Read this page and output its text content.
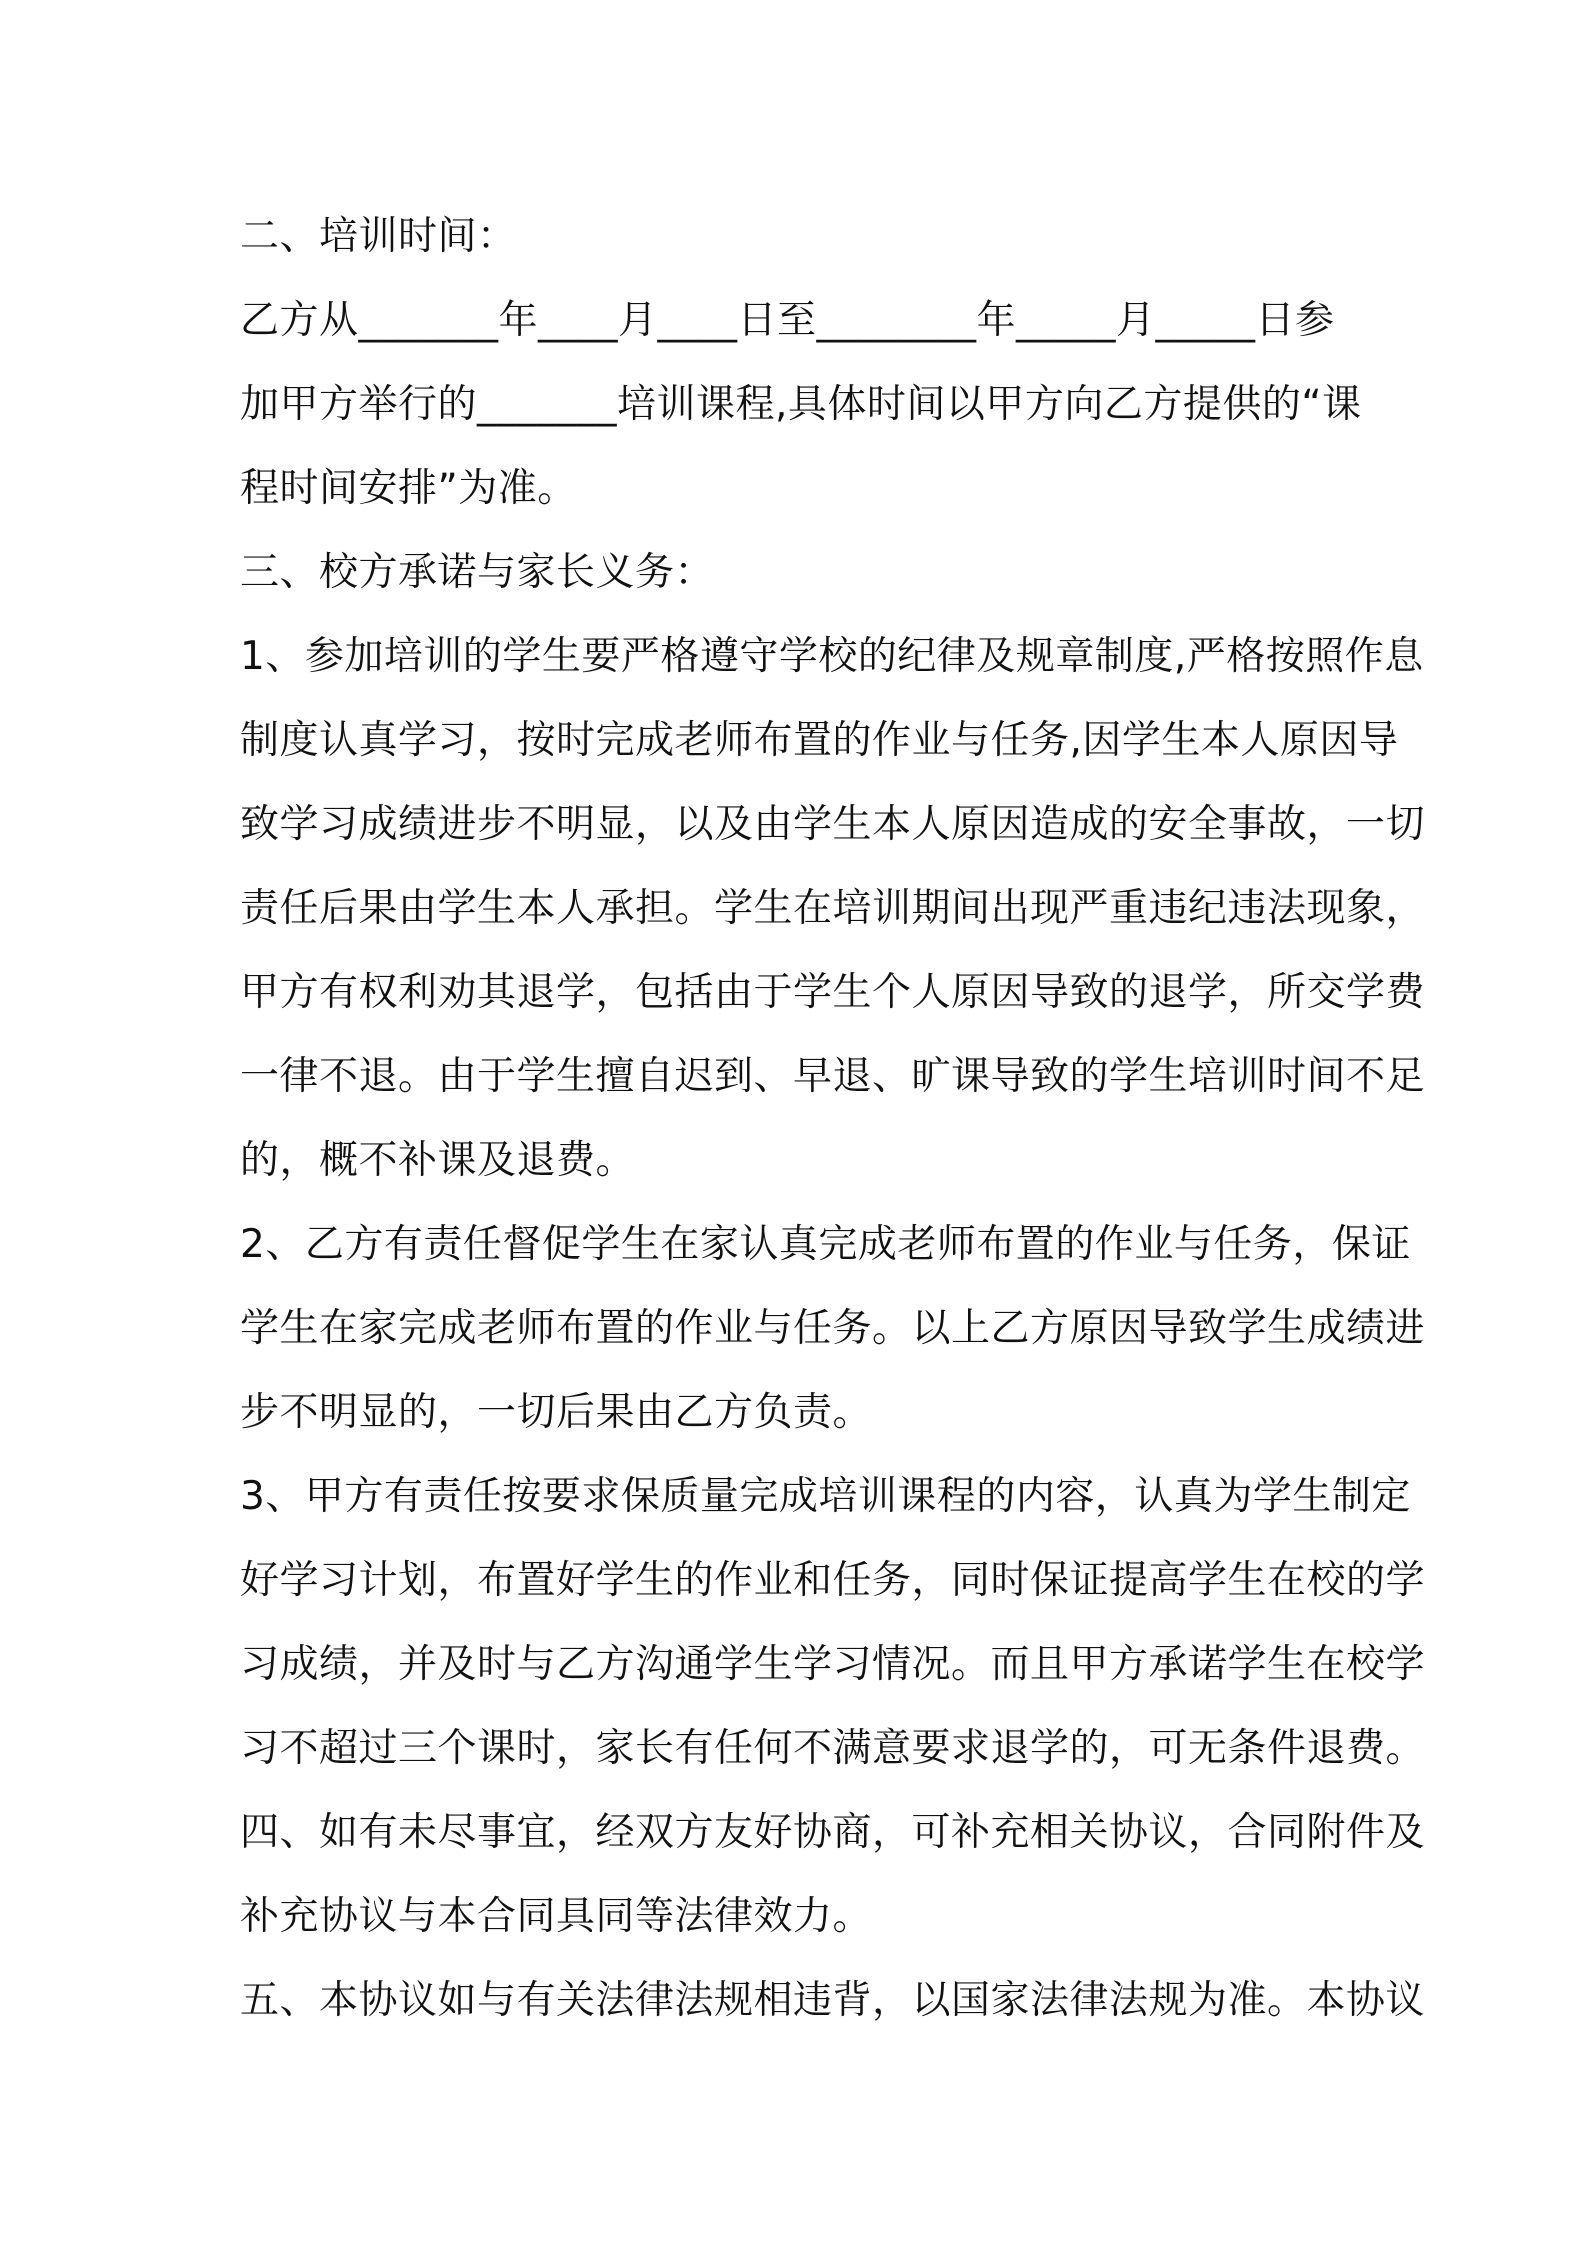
二、培训时间：
乙方从_______年____月____日至________年_____月_____日参
加甲方举行的_______培训课程,具体时间以甲方向乙方提供的“课
程时间安排”为准。
三、校方承诺与家长义务：
1、参加培训的学生要严格遵守学校的纪律及规章制度,严格按照作息
制度认真学习，按时完成老师布置的作业与任务,因学生本人原因导
致学习成绩进步不明显，以及由学生本人原因造成的安全事故，一切
责任后果由学生本人承担。学生在培训期间出现严重违纪违法现象，
甲方有权利劝其退学，包括由于学生个人原因导致的退学，所交学费
一律不退。由于学生擅自迟到、早退、旷课导致的学生培训时间不足
的，概不补课及退费。
2、乙方有责任督促学生在家认真完成老师布置的作业与任务，保证
学生在家完成老师布置的作业与任务。以上乙方原因导致学生成绩进
步不明显的，一切后果由乙方负责。
3、甲方有责任按要求保质量完成培训课程的内容，认真为学生制定
好学习计划，布置好学生的作业和任务，同时保证提高学生在校的学
习成绩，并及时与乙方沟通学生学习情况。而且甲方承诺学生在校学
习不超过三个课时，家长有任何不满意要求退学的，可无条件退费。
四、如有未尽事宜，经双方友好协商，可补充相关协议，合同附件及
补充协议与本合同具同等法律效力。
五、本协议如与有关法律法规相违背，以国家法律法规为准。本协议
